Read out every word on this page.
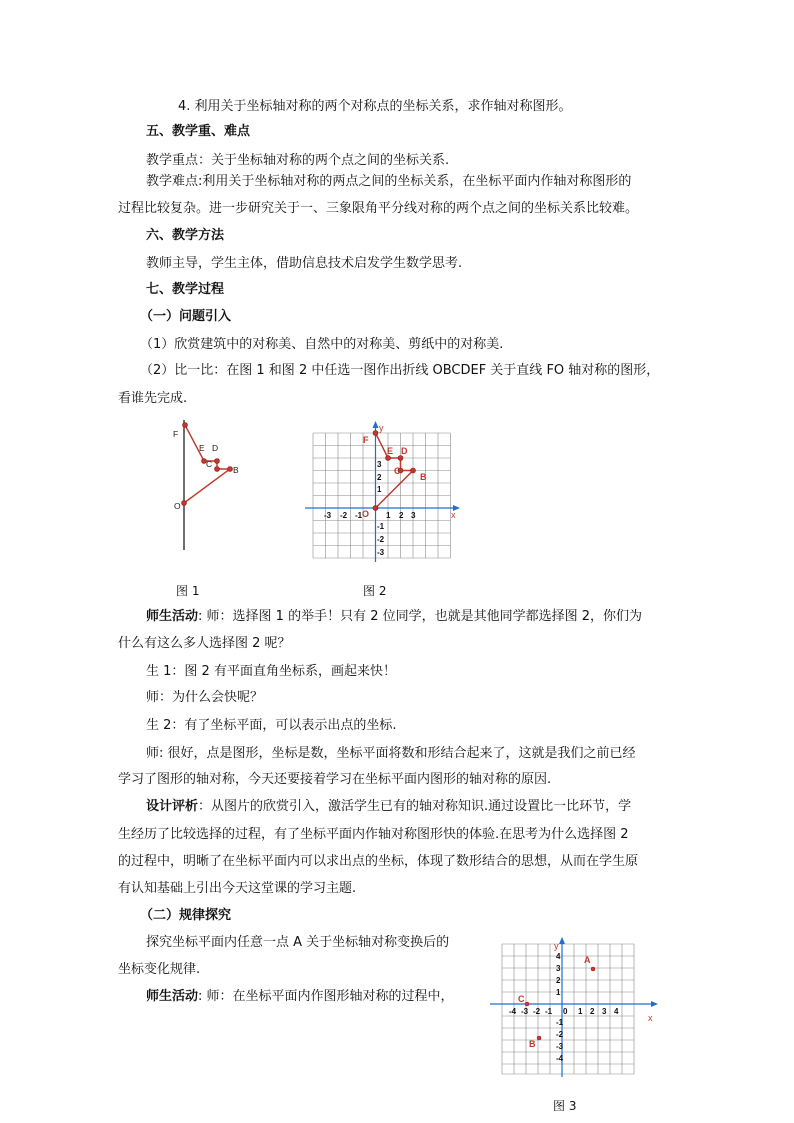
4. 利用关于坐标轴对称的两个对称点的坐标关系，求作轴对称图形。
五、教学重、难点
教学重点：关于坐标轴对称的两个点之间的坐标关系.
教学难点:利用关于坐标轴对称的两点之间的坐标关系，在坐标平面内作轴对称图形的
过程比较复杂。进一步研究关于一、三象限角平分线对称的两个点之间的坐标关系比较难。
六、教学方法
教师主导，学生主体，借助信息技术启发学生数学思考.
七、教学过程
（一）问题引入
（1）欣赏建筑中的对称美、自然中的对称美、剪纸中的对称美.
（2）比一比：在图 1 和图 2 中任选一图作出折线 OBCDEF 关于直线 FO 轴对称的图形，
看谁先完成.
师生活动: 师：选择图 1 的举手！只有 2 位同学，也就是其他同学都选择图 2，你们为
什么有这么多人选择图 2 呢？
生 1：图 2 有平面直角坐标系，画起来快！
师：为什么会快呢？
生 2：有了坐标平面，可以表示出点的坐标.
师: 很好，点是图形，坐标是数，坐标平面将数和形结合起来了，这就是我们之前已经
学习了图形的轴对称，今天还要接着学习在坐标平面内图形的轴对称的原因.
设计评析：从图片的欣赏引入，激活学生已有的轴对称知识.通过设置比一比环节，学
生经历了比较选择的过程，有了坐标平面内作轴对称图形快的体验.在思考为什么选择图 2
的过程中，明晰了在坐标平面内可以求出点的坐标，体现了数形结合的思想，从而在学生原
有认知基础上引出今天这堂课的学习主题.
（二）规律探究
探究坐标平面内任意一点 A 关于坐标轴对称变换后的
坐标变化规律.
师生活动: 师：在坐标平面内作图形轴对称的过程中，
F
E D
C
B
O
图 1
x
y
-3 -2 -1	1 2 3
3
2
1
-1
-2
-3
F
E D
C
B
O
图 2
x
y
-4 -3 -2 -1 0 1 2 3 4
4
3
2
1
-1
-2
-3
-4
A
B
C
图 3
